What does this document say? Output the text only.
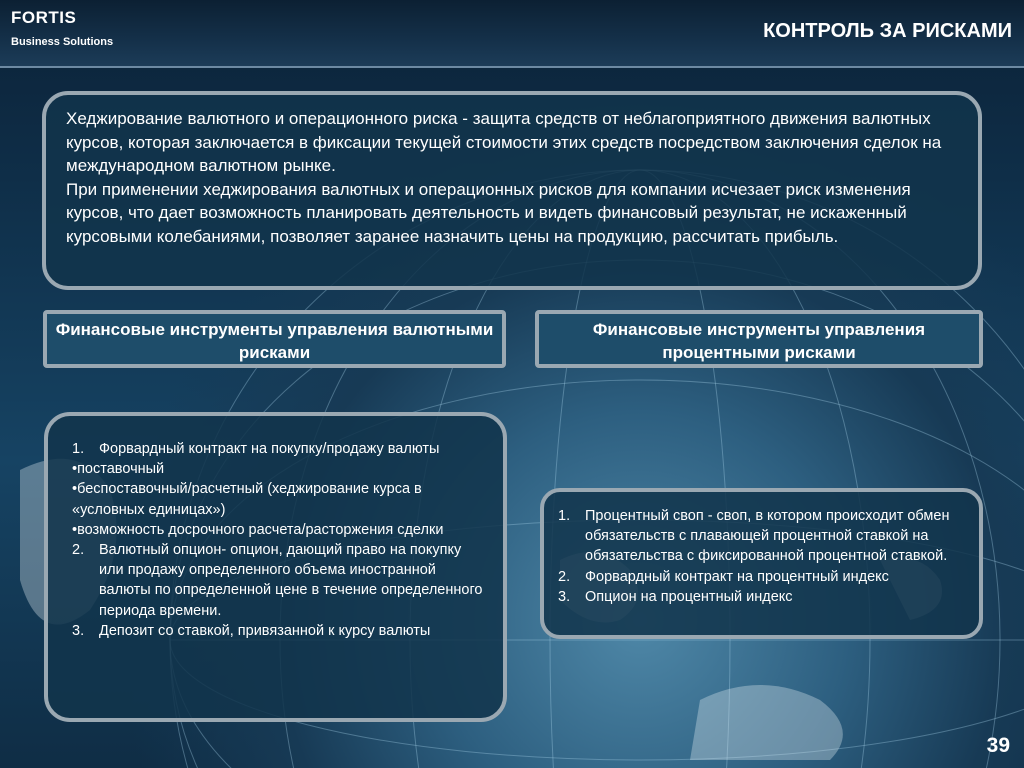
FORTIS
Business Solutions	КОНТРОЛЬ ЗА РИСКАМИ

Хеджирование валютного и операционного риска - защита средств от неблагоприятного движения валютных курсов, которая заключается в фиксации текущей стоимости этих средств посредством заключения сделок на международном валютном рынке.

При применении хеджирования валютных и операционных рисков для компании исчезает риск изменения курсов, что дает возможность планировать деятельность и видеть финансовый результат, не искаженный курсовыми колебаниями, позволяет заранее назначить цены на продукцию, рассчитать прибыль.

Финансовые инструменты управления валютными рисками
Финансовые инструменты управления процентными рисками
1. Форвардный контракт на покупку/продажу валюты
•поставочный
•беспоставочный/расчетный (хеджирование курса в «условных единицах»)
•возможность досрочного расчета/расторжения сделки
2. Валютный опцион- опцион, дающий право на покупку или продажу определенного объема иностранной валюты по определенной цене в течение определенного периода времени.
3. Депозит со ставкой, привязанной к курсу валюты
1. Процентный своп - своп, в котором происходит обмен обязательств с плавающей процентной ставкой на обязательства с фиксированной процентной ставкой.
2. Форвардный контракт на процентный индекс
3. Опцион на процентный индекс
39
